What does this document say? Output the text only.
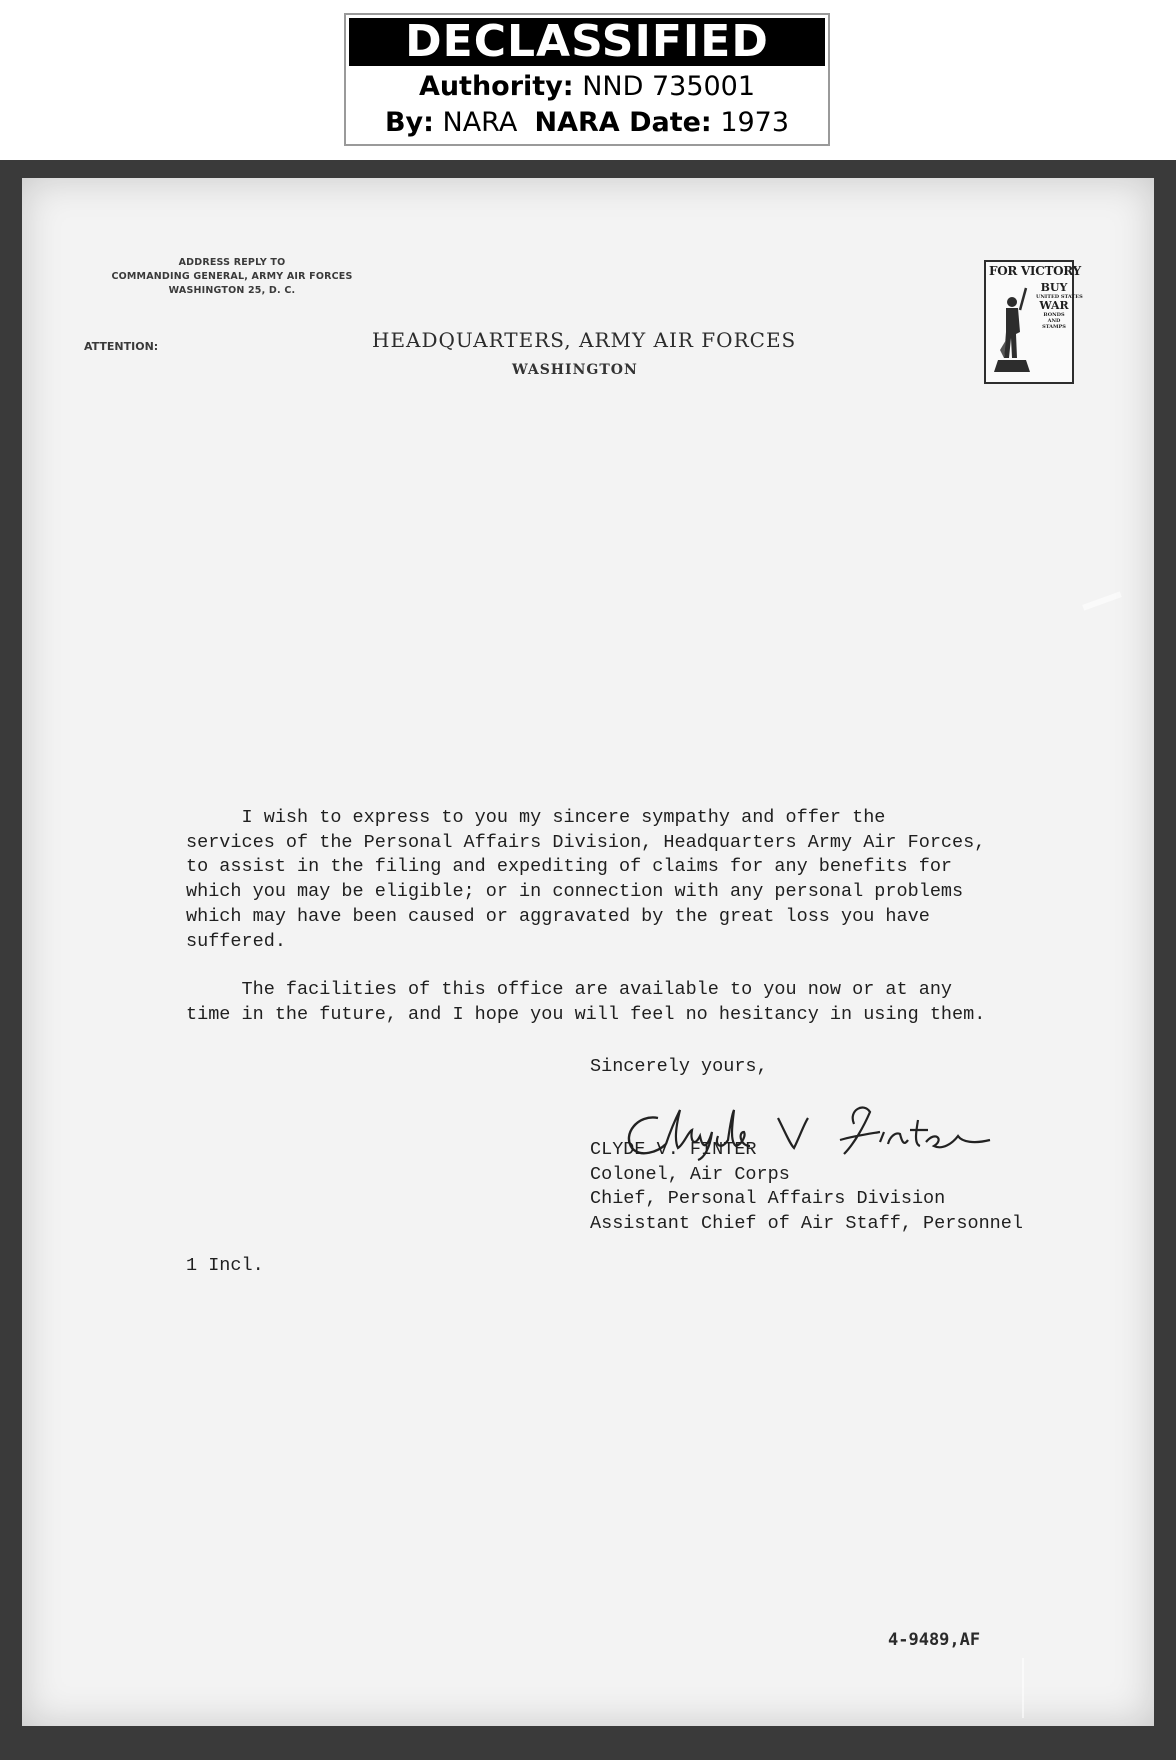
DECLASSIFIED
Authority: NND 735001
By: NARA NARA Date: 1973
ADDRESS REPLY TO
COMMANDING GENERAL, ARMY AIR FORCES
WASHINGTON 25, D. C.
ATTENTION:	HEADQUARTERS, ARMY AIR FORCES
WASHINGTON
FOR VICTORY
BUY
UNITED STATES
WAR
BONDS
AND
STAMPS
I wish to express to you my sincere sympathy and offer the
services of the Personal Affairs Division, Headquarters Army Air Forces,
to assist in the filing and expediting of claims for any benefits for
which you may be eligible; or in connection with any personal problems
which may have been caused or aggravated by the great loss you have
suffered.
The facilities of this office are available to you now or at any
time in the future, and I hope you will feel no hesitancy in using them.
Sincerely yours,
CLYDE V. FINTER
Colonel, Air Corps
Chief, Personal Affairs Division
Assistant Chief of Air Staff, Personnel
1 Incl.
4-9489,AF
